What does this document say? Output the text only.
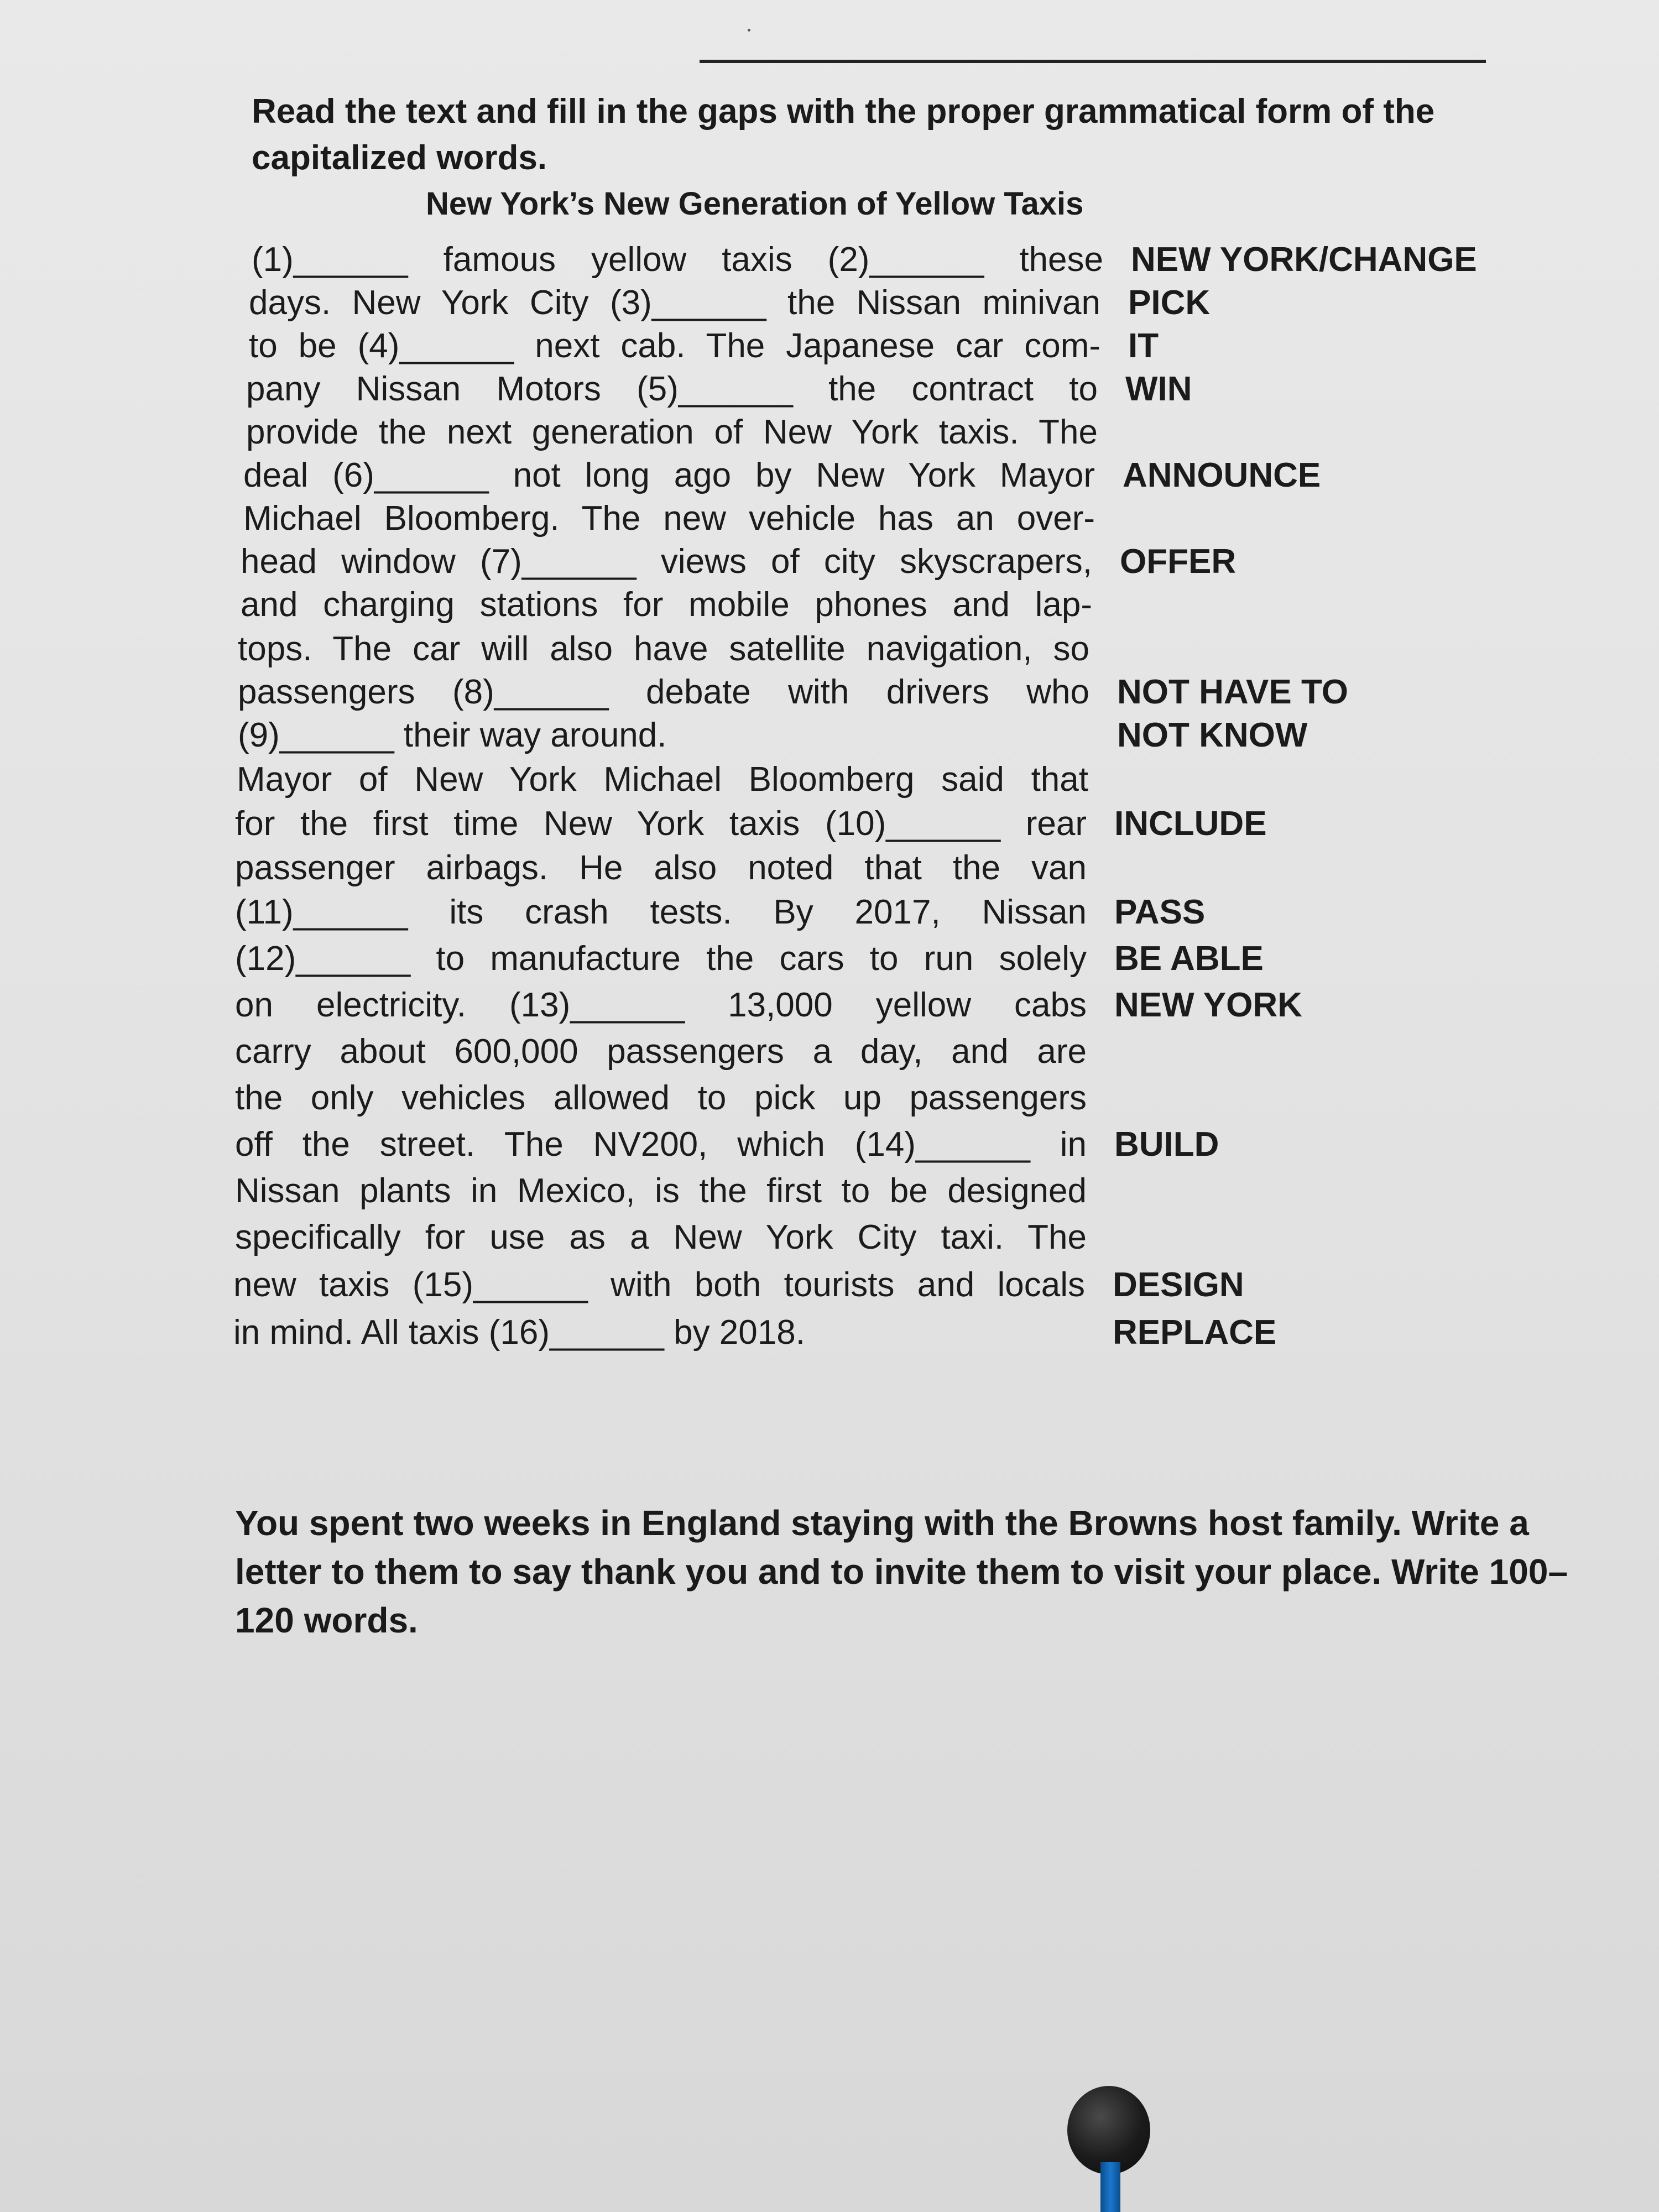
Read the text and fill in the gaps with the proper grammatical form of the capitalized words.
New York’s New Generation of Yellow Taxis
(1)______ famous yellow taxis (2)______ these NEW YORK/CHANGE
days. New York City (3)______ the Nissan minivan PICK
to be (4)______ next cab. The Japanese car com- IT
pany Nissan Motors (5)______ the contract to WIN
provide the next generation of New York taxis. The
deal (6)______ not long ago by New York Mayor ANNOUNCE
Michael Bloomberg. The new vehicle has an over-
head window (7)______ views of city skyscrapers, OFFER
and charging stations for mobile phones and lap-
tops. The car will also have satellite navigation, so
passengers (8)______ debate with drivers who NOT HAVE TO
(9)______ their way around.	NOT KNOW
Mayor of New York Michael Bloomberg said that
for the first time New York taxis (10)______ rear INCLUDE
passenger airbags. He also noted that the van
(11)______ its crash tests. By 2017, Nissan PASS
(12)______ to manufacture the cars to run solely BE ABLE
on electricity. (13)______ 13,000 yellow cabs NEW YORK
carry about 600,000 passengers a day, and are
the only vehicles allowed to pick up passengers
off the street. The NV200, which (14)______ in BUILD
Nissan plants in Mexico, is the first to be designed
specifically for use as a New York City taxi. The
new taxis (15)______ with both tourists and locals DESIGN
in mind. All taxis (16)______ by 2018.	REPLACE
You spent two weeks in England staying with the Browns host family. Write a letter to them to say thank you and to invite them to visit your place. Write 100–120 words.
